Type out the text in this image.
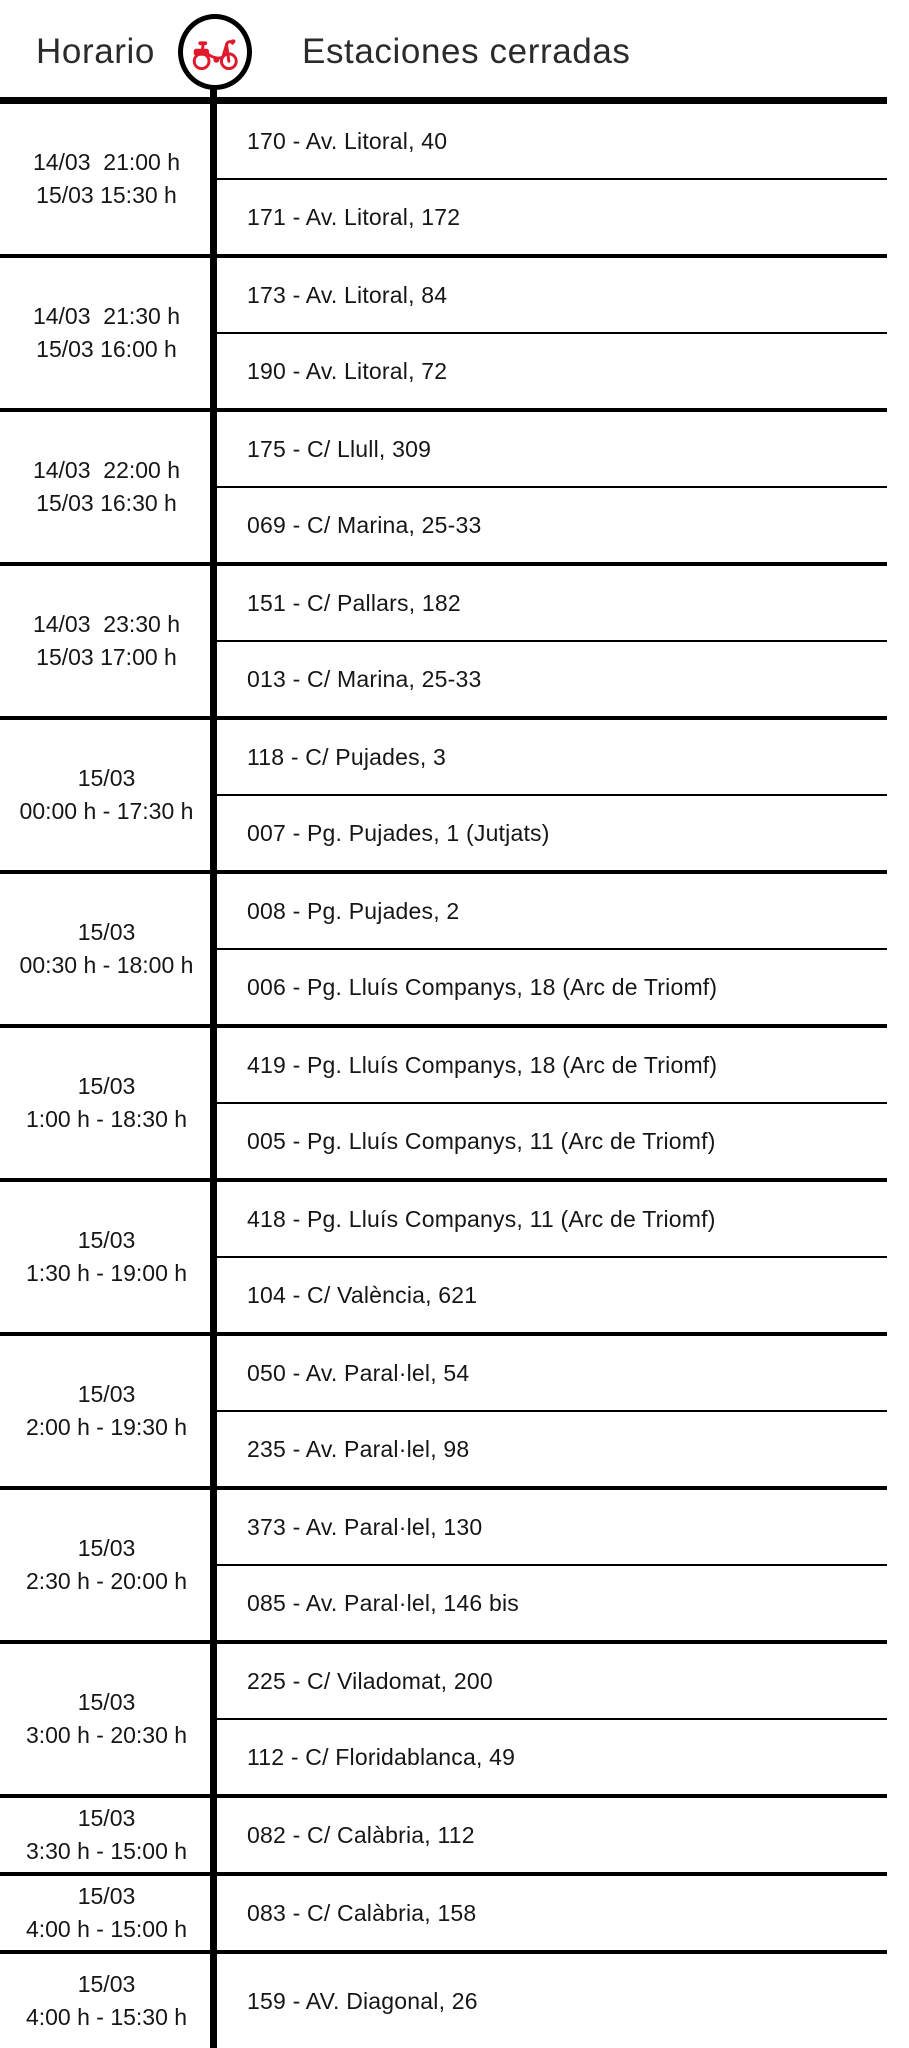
Horario	Estaciones cerradas
14/03  21:00 h
15/03 15:30 h
170 - Av. Litoral, 40
171 - Av. Litoral, 172
14/03  21:30 h
15/03 16:00 h
173 - Av. Litoral, 84
190 - Av. Litoral, 72
14/03  22:00 h
15/03 16:30 h
175 - C/ Llull, 309
069 - C/ Marina, 25-33
14/03  23:30 h
15/03 17:00 h
151 - C/ Pallars, 182
013 - C/ Marina, 25-33
15/03
00:00 h - 17:30 h
118 - C/ Pujades, 3
007 - Pg. Pujades, 1 (Jutjats)
15/03
00:30 h - 18:00 h
008 - Pg. Pujades, 2
006 - Pg. Lluís Companys, 18 (Arc de Triomf)
15/03
1:00 h - 18:30 h
419 - Pg. Lluís Companys, 18 (Arc de Triomf)
005 - Pg. Lluís Companys, 11 (Arc de Triomf)
15/03
1:30 h - 19:00 h
418 - Pg. Lluís Companys, 11 (Arc de Triomf)
104 - C/ València, 621
15/03
2:00 h - 19:30 h
050 - Av. Paral·lel, 54
235 - Av. Paral·lel, 98
15/03
2:30 h - 20:00 h
373 - Av. Paral·lel, 130
085 - Av. Paral·lel, 146 bis
15/03
3:00 h - 20:30 h
225 - C/ Viladomat, 200
112 - C/ Floridablanca, 49
15/03
3:30 h - 15:00 h
082 - C/ Calàbria, 112
15/03
4:00 h - 15:00 h
083 - C/ Calàbria, 158
15/03
4:00 h - 15:30 h
159 - AV. Diagonal, 26
